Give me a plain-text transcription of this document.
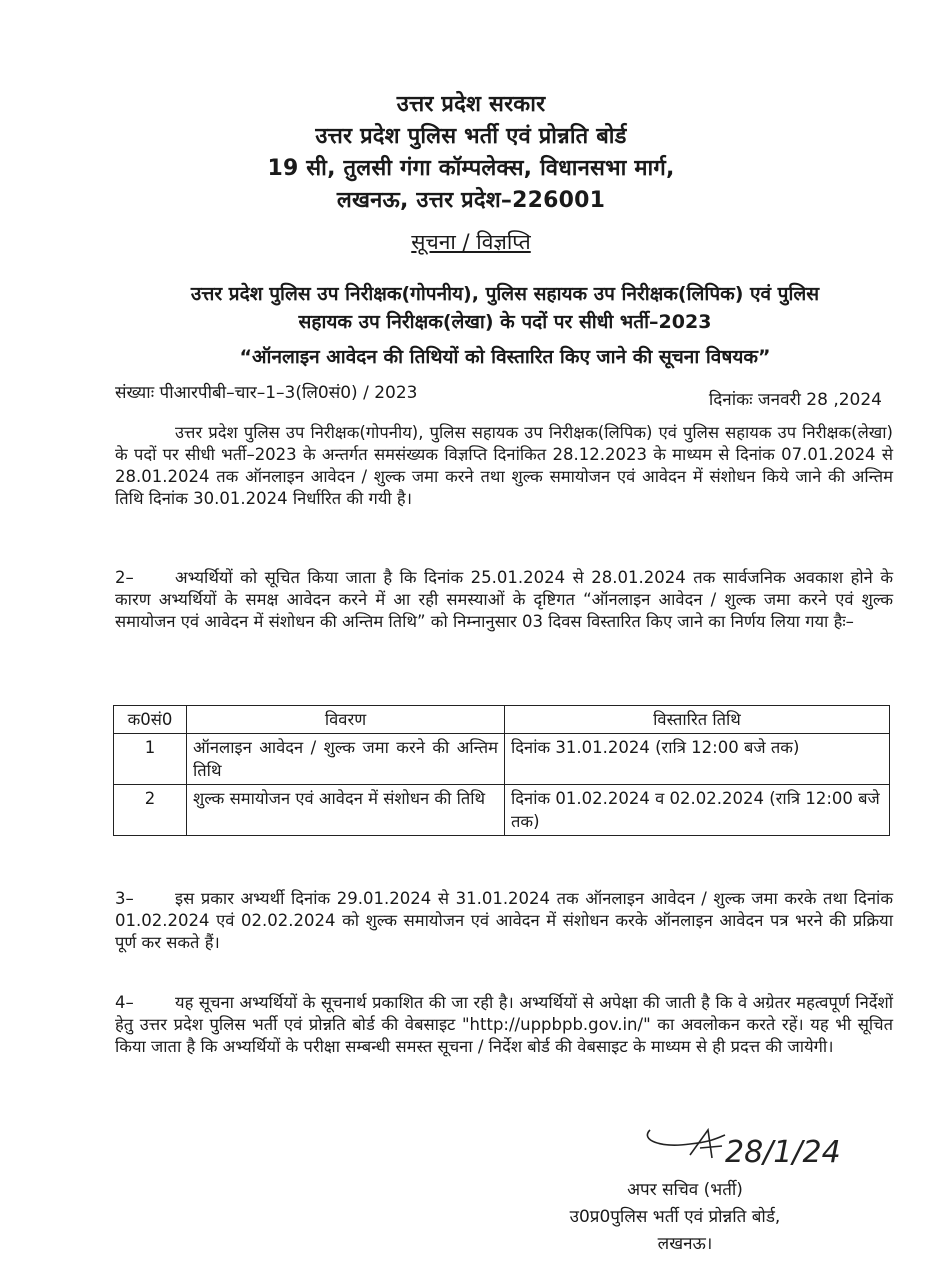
उत्तर प्रदेश सरकार
उत्तर प्रदेश पुलिस भर्ती एवं प्रोन्नति बोर्ड
19 सी, तुलसी गंगा कॉम्पलेक्स, विधानसभा मार्ग,
लखनऊ, उत्तर प्रदेश–226001
सूचना / विज्ञप्ति
उत्तर प्रदेश पुलिस उप निरीक्षक(गोपनीय), पुलिस सहायक उप निरीक्षक(लिपिक) एवं पुलिस
सहायक उप निरीक्षक(लेखा) के पदों पर सीधी भर्ती–2023
“ऑनलाइन आवेदन की तिथियों को विस्तारित किए जाने की सूचना विषयक”
संख्याः पीआरपीबी–चार–1–3(लि0सं0) / 2023	दिनांकः जनवरी 28 ,2024
उत्तर प्रदेश पुलिस उप निरीक्षक(गोपनीय), पुलिस सहायक उप निरीक्षक(लिपिक) एवं पुलिस सहायक उप निरीक्षक(लेखा) के पदों पर सीधी भर्ती–2023 के अन्तर्गत समसंख्यक विज्ञप्ति दिनांकित 28.12.2023 के माध्यम से दिनांक 07.01.2024 से 28.01.2024 तक ऑनलाइन आवेदन / शुल्क जमा करने तथा शुल्क समायोजन एवं आवेदन में संशोधन किये जाने की अन्तिम तिथि दिनांक 30.01.2024 निर्धारित की गयी है।
2–	अभ्यर्थियों को सूचित किया जाता है कि दिनांक 25.01.2024 से 28.01.2024 तक सार्वजनिक अवकाश होने के कारण अभ्यर्थियों के समक्ष आवेदन करने में आ रही समस्याओं के दृष्टिगत “ऑनलाइन आवेदन / शुल्क जमा करने एवं शुल्क समायोजन एवं आवेदन में संशोधन की अन्तिम तिथि” को निम्नानुसार 03 दिवस विस्तारित किए जाने का निर्णय लिया गया हैः–
क0सं0	विवरण	विस्तारित तिथि
1	ऑनलाइन आवेदन / शुल्क जमा करने की अन्तिम तिथि	दिनांक 31.01.2024 (रात्रि 12:00 बजे तक)
2	शुल्क समायोजन एवं आवेदन में संशोधन की तिथि	दिनांक 01.02.2024 व 02.02.2024 (रात्रि 12:00 बजे तक)
3–	इस प्रकार अभ्यर्थी दिनांक 29.01.2024 से 31.01.2024 तक ऑनलाइन आवेदन / शुल्क जमा करके तथा दिनांक 01.02.2024 एवं 02.02.2024 को शुल्क समायोजन एवं आवेदन में संशोधन करके ऑनलाइन आवेदन पत्र भरने की प्रक्रिया पूर्ण कर सकते हैं।
4–	यह सूचना अभ्यर्थियों के सूचनार्थ प्रकाशित की जा रही है। अभ्यर्थियों से अपेक्षा की जाती है कि वे अग्रेतर महत्वपूर्ण निर्देशों हेतु उत्तर प्रदेश पुलिस भर्ती एवं प्रोन्नति बोर्ड की वेबसाइट "http://uppbpb.gov.in/" का अवलोकन करते रहें। यह भी सूचित किया जाता है कि अभ्यर्थियों के परीक्षा सम्बन्धी समस्त सूचना / निर्देश बोर्ड की वेबसाइट के माध्यम से ही प्रदत्त की जायेगी।
28/1/24
अपर सचिव (भर्ती)
उ0प्र0पुलिस भर्ती एवं प्रोन्नति बोर्ड,
लखनऊ।
